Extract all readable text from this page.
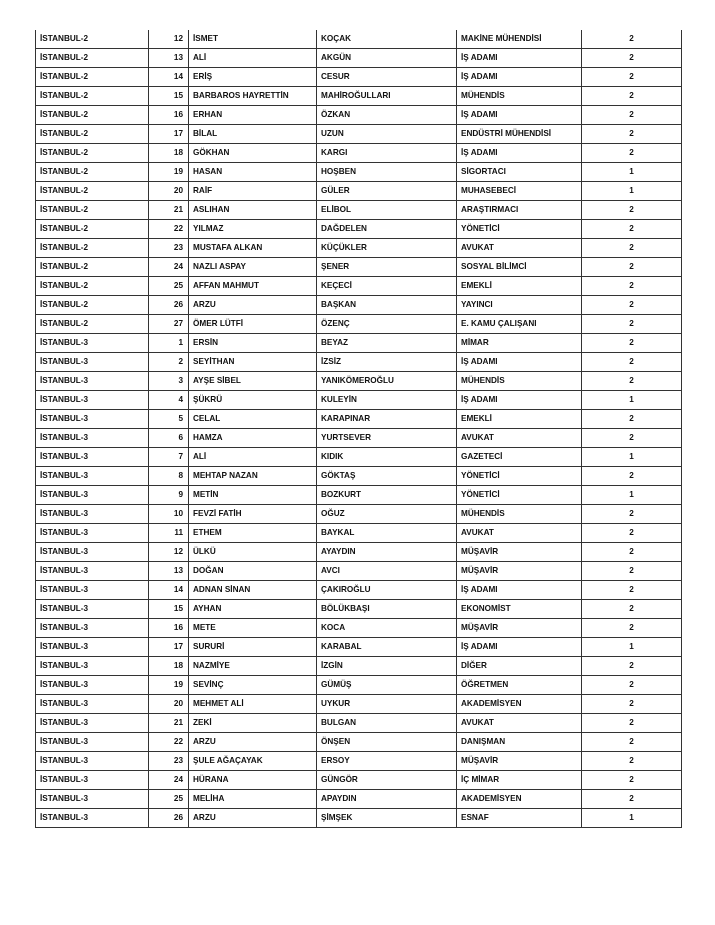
İSTANBUL-2	12	İSMET	KOÇAK	MAKİNE MÜHENDİSİ	2
İSTANBUL-2	13	ALİ	AKGÜN	İŞ ADAMI	2
İSTANBUL-2	14	ERİŞ	CESUR	İŞ ADAMI	2
İSTANBUL-2	15	BARBAROS HAYRETTİN	MAHİROĞULLARI	MÜHENDİS	2
İSTANBUL-2	16	ERHAN	ÖZKAN	İŞ ADAMI	2
İSTANBUL-2	17	BİLAL	UZUN	ENDÜSTRİ MÜHENDİSİ	2
İSTANBUL-2	18	GÖKHAN	KARGI	İŞ ADAMI	2
İSTANBUL-2	19	HASAN	HOŞBEN	SİGORTACI	1
İSTANBUL-2	20	RAİF	GÜLER	MUHASEBECİ	1
İSTANBUL-2	21	ASLIHAN	ELİBOL	ARAŞTIRMACI	2
İSTANBUL-2	22	YILMAZ	DAĞDELEN	YÖNETİCİ	2
İSTANBUL-2	23	MUSTAFA ALKAN	KÜÇÜKLER	AVUKAT	2
İSTANBUL-2	24	NAZLI ASPAY	ŞENER	SOSYAL BİLİMCİ	2
İSTANBUL-2	25	AFFAN MAHMUT	KEÇECİ	EMEKLİ	2
İSTANBUL-2	26	ARZU	BAŞKAN	YAYINCI	2
İSTANBUL-2	27	ÖMER LÜTFİ	ÖZENÇ	E. KAMU ÇALIŞANI	2
İSTANBUL-3	1	ERSİN	BEYAZ	MİMAR	2
İSTANBUL-3	2	SEYİTHAN	İZSİZ	İŞ ADAMI	2
İSTANBUL-3	3	AYŞE SİBEL	YANIKÖMEROĞLU	MÜHENDİS	2
İSTANBUL-3	4	ŞÜKRÜ	KULEYİN	İŞ ADAMI	1
İSTANBUL-3	5	CELAL	KARAPINAR	EMEKLİ	2
İSTANBUL-3	6	HAMZA	YURTSEVER	AVUKAT	2
İSTANBUL-3	7	ALİ	KIDIK	GAZETECİ	1
İSTANBUL-3	8	MEHTAP NAZAN	GÖKTAŞ	YÖNETİCİ	2
İSTANBUL-3	9	METİN	BOZKURT	YÖNETİCİ	1
İSTANBUL-3	10	FEVZİ FATİH	OĞUZ	MÜHENDİS	2
İSTANBUL-3	11	ETHEM	BAYKAL	AVUKAT	2
İSTANBUL-3	12	ÜLKÜ	AYAYDIN	MÜŞAVİR	2
İSTANBUL-3	13	DOĞAN	AVCI	MÜŞAVİR	2
İSTANBUL-3	14	ADNAN SİNAN	ÇAKIROĞLU	İŞ ADAMI	2
İSTANBUL-3	15	AYHAN	BÖLÜKBAŞI	EKONOMİST	2
İSTANBUL-3	16	METE	KOCA	MÜŞAVİR	2
İSTANBUL-3	17	SURURİ	KARABAL	İŞ ADAMI	1
İSTANBUL-3	18	NAZMİYE	İZGİN	DİĞER	2
İSTANBUL-3	19	SEVİNÇ	GÜMÜŞ	ÖĞRETMEN	2
İSTANBUL-3	20	MEHMET ALİ	UYKUR	AKADEMİSYEN	2
İSTANBUL-3	21	ZEKİ	BULGAN	AVUKAT	2
İSTANBUL-3	22	ARZU	ÖNŞEN	DANIŞMAN	2
İSTANBUL-3	23	ŞULE AĞAÇAYAK	ERSOY	MÜŞAVİR	2
İSTANBUL-3	24	HÜRANA	GÜNGÖR	İÇ MİMAR	2
İSTANBUL-3	25	MELİHA	APAYDIN	AKADEMİSYEN	2
İSTANBUL-3	26	ARZU	ŞİMŞEK	ESNAF	1
